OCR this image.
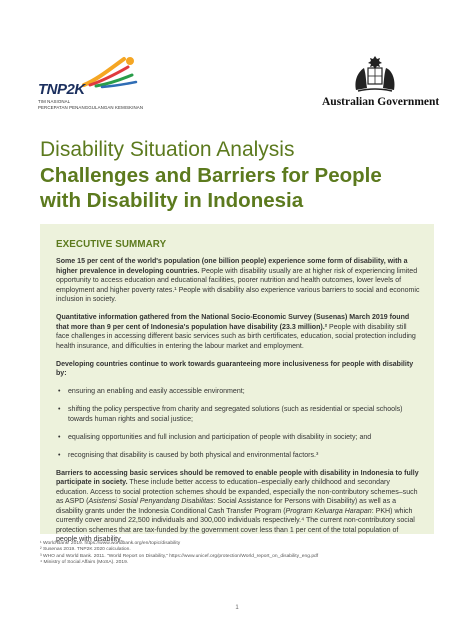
TNP2K
TIM NASIONAL
PERCEPATAN PENANGGULANGAN KEMISKINAN	Australian Government
Disability Situation Analysis
Challenges and Barriers for People
with Disability in Indonesia
EXECUTIVE SUMMARY

Some 15 per cent of the world's population (one billion people) experience some form of disability, with a higher prevalence in developing countries. People with disability usually are at higher risk of experiencing limited opportunity to access education and educational facilities, poorer nutrition and health outcomes, lower levels of employment and higher poverty rates.¹ People with disability also experience various barriers to social and economic inclusion in society.

Quantitative information gathered from the National Socio-Economic Survey (Susenas) March 2019 found that more than 9 per cent of Indonesia's population have disability (23.3 million).² People with disability still face challenges in accessing different basic services such as birth certificates, education, social protection including health insurance, and difficulties in entering the labour market and employment.

Developing countries continue to work towards guaranteeing more inclusiveness for people with disability by:

• ensuring an enabling and easily accessible environment;
• shifting the policy perspective from charity and segregated solutions (such as residential or special schools) towards human rights and social justice;
• equalising opportunities and full inclusion and participation of people with disability in society; and
• recognising that disability is caused by both physical and environmental factors.³

Barriers to accessing basic services should be removed to enable people with disability in Indonesia to fully participate in society. These include better access to education–especially early childhood and secondary education. Access to social protection schemes should be expanded, especially the non-contributory schemes–such as ASPD (Asistensi Sosial Penyandang Disabilitas: Social Assistance for Persons with Disability) as well as a disability grants under the Indonesia Conditional Cash Transfer Program (Program Keluarga Harapan: PKH) which currently cover around 22,500 individuals and 300,000 individuals respectively.⁴ The current non-contributory social protection schemes that are tax-funded by the government cover less than 1 per cent of the total population of people with disability.

¹ World Bank. 2019. https://www.worldbank.org/en/topic/disability
² Susenas 2019. TNP2K 2020 calculation.
³ WHO and World Bank. 2011. "World Report on Disability," https://www.unicef.org/protection/World_report_on_disability_eng.pdf
⁴ Ministry of Social Affairs (MoSA). 2019.
1
